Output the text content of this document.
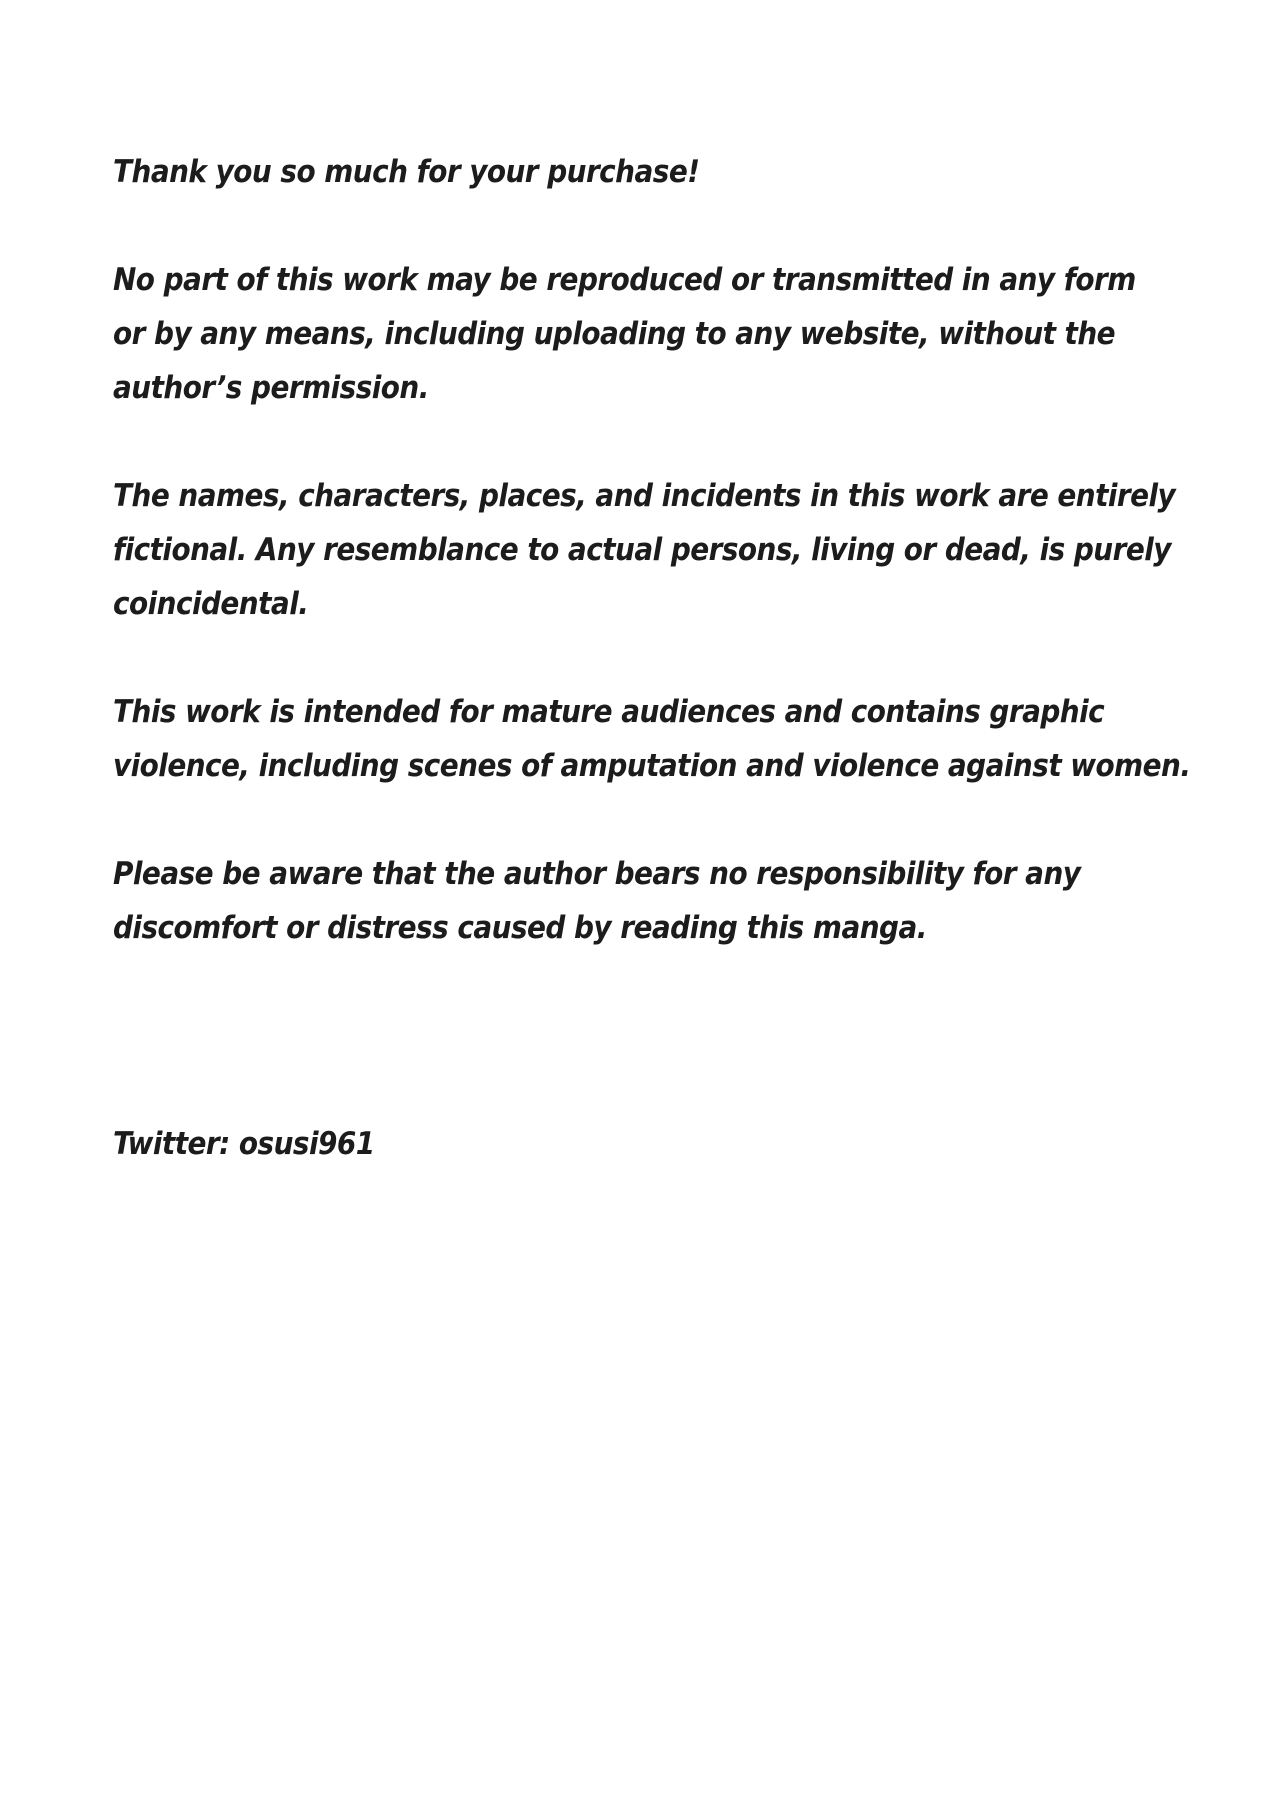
Thank you so much for your purchase!
No part of this work may be reproduced or transmitted in any form
or by any means, including uploading to any website, without the
author’s permission.
The names, characters, places, and incidents in this work are entirely
fictional. Any resemblance to actual persons, living or dead, is purely
coincidental.
This work is intended for mature audiences and contains graphic
violence, including scenes of amputation and violence against women.
Please be aware that the author bears no responsibility for any
discomfort or distress caused by reading this manga.
Twitter: osusi961
